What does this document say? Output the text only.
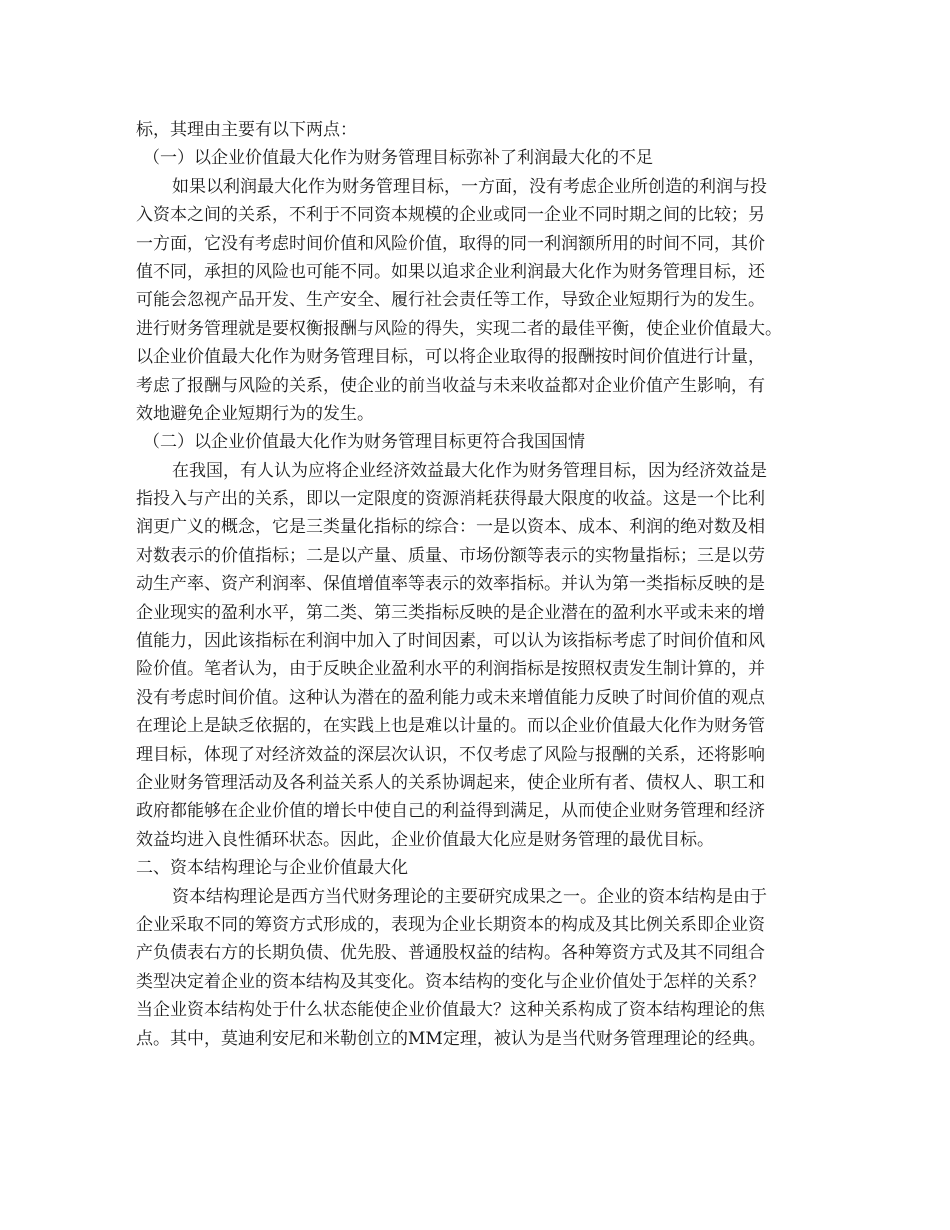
标，其理由主要有以下两点：
（一）以企业价值最大化作为财务管理目标弥补了利润最大化的不足
如果以利润最大化作为财务管理目标，一方面，没有考虑企业所创造的利润与投
入资本之间的关系，不利于不同资本规模的企业或同一企业不同时期之间的比较；另
一方面，它没有考虑时间价值和风险价值，取得的同一利润额所用的时间不同，其价
值不同，承担的风险也可能不同。如果以追求企业利润最大化作为财务管理目标，还
可能会忽视产品开发、生产安全、履行社会责任等工作，导致企业短期行为的发生。
进行财务管理就是要权衡报酬与风险的得失，实现二者的最佳平衡，使企业价值最大。
以企业价值最大化作为财务管理目标，可以将企业取得的报酬按时间价值进行计量，
考虑了报酬与风险的关系，使企业的前当收益与未来收益都对企业价值产生影响，有
效地避免企业短期行为的发生。
（二）以企业价值最大化作为财务管理目标更符合我国国情
在我国，有人认为应将企业经济效益最大化作为财务管理目标，因为经济效益是
指投入与产出的关系，即以一定限度的资源消耗获得最大限度的收益。这是一个比利
润更广义的概念，它是三类量化指标的综合：一是以资本、成本、利润的绝对数及相
对数表示的价值指标；二是以产量、质量、市场份额等表示的实物量指标；三是以劳
动生产率、资产利润率、保值增值率等表示的效率指标。并认为第一类指标反映的是
企业现实的盈利水平，第二类、第三类指标反映的是企业潜在的盈利水平或未来的增
值能力，因此该指标在利润中加入了时间因素，可以认为该指标考虑了时间价值和风
险价值。笔者认为，由于反映企业盈利水平的利润指标是按照权责发生制计算的，并
没有考虑时间价值。这种认为潜在的盈利能力或未来增值能力反映了时间价值的观点
在理论上是缺乏依据的，在实践上也是难以计量的。而以企业价值最大化作为财务管
理目标，体现了对经济效益的深层次认识，不仅考虑了风险与报酬的关系，还将影响
企业财务管理活动及各利益关系人的关系协调起来，使企业所有者、债权人、职工和
政府都能够在企业价值的增长中使自己的利益得到满足，从而使企业财务管理和经济
效益均进入良性循环状态。因此，企业价值最大化应是财务管理的最优目标。
二、资本结构理论与企业价值最大化
资本结构理论是西方当代财务理论的主要研究成果之一。企业的资本结构是由于
企业采取不同的筹资方式形成的，表现为企业长期资本的构成及其比例关系即企业资
产负债表右方的长期负债、优先股、普通股权益的结构。各种筹资方式及其不同组合
类型决定着企业的资本结构及其变化。资本结构的变化与企业价值处于怎样的关系？
当企业资本结构处于什么状态能使企业价值最大？这种关系构成了资本结构理论的焦
点。其中，莫迪利安尼和米勒创立的MM定理，被认为是当代财务管理理论的经典。
